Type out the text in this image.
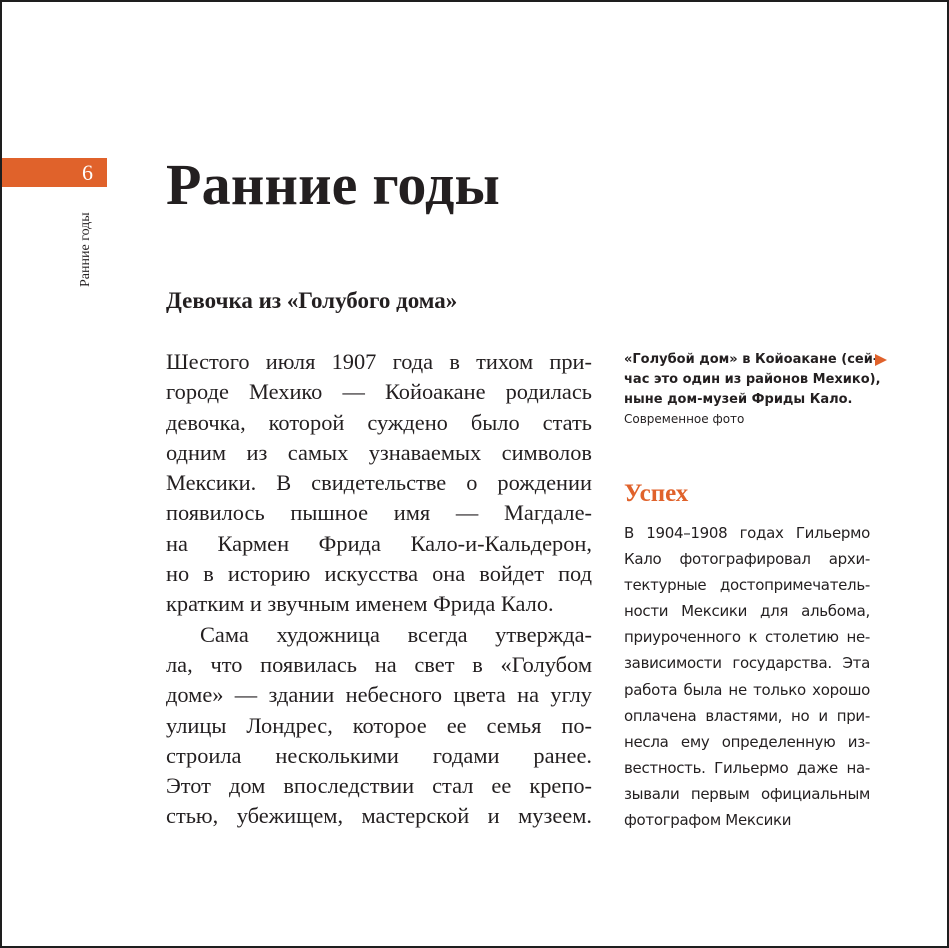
6
Ранние годы
Ранние годы
Девочка из «Голубого дома»
Шестого июля 1907 года в тихом при-
городе Мехико — Койоакане родилась
девочка, которой суждено было стать
одним из самых узнаваемых символов
Мексики. В свидетельстве о рождении
появилось пышное имя — Магдале-
на Кармен Фрида Кало-и-Кальдерон,
но в историю искусства она войдет под
кратким и звучным именем Фрида Кало.
Сама художница всегда утвержда-
ла, что появилась на свет в «Голубом
доме» — здании небесного цвета на углу
улицы Лондрес, которое ее семья по-
строила несколькими годами ранее.
Этот дом впоследствии стал ее крепо-
стью, убежищем, мастерской и музеем.
«Голубой дом» в Койоакане (сей-
час это один из районов Мехико),
ныне дом-музей Фриды Кало.
Современное фото
Успех
В 1904–1908 годах Гильермо
Кало фотографировал архи-
тектурные достопримечатель-
ности Мексики для альбома,
приуроченного к столетию не-
зависимости государства. Эта
работа была не только хорошо
оплачена властями, но и при-
несла ему определенную из-
вестность. Гильермо даже на-
зывали первым официальным
фотографом Мексики
